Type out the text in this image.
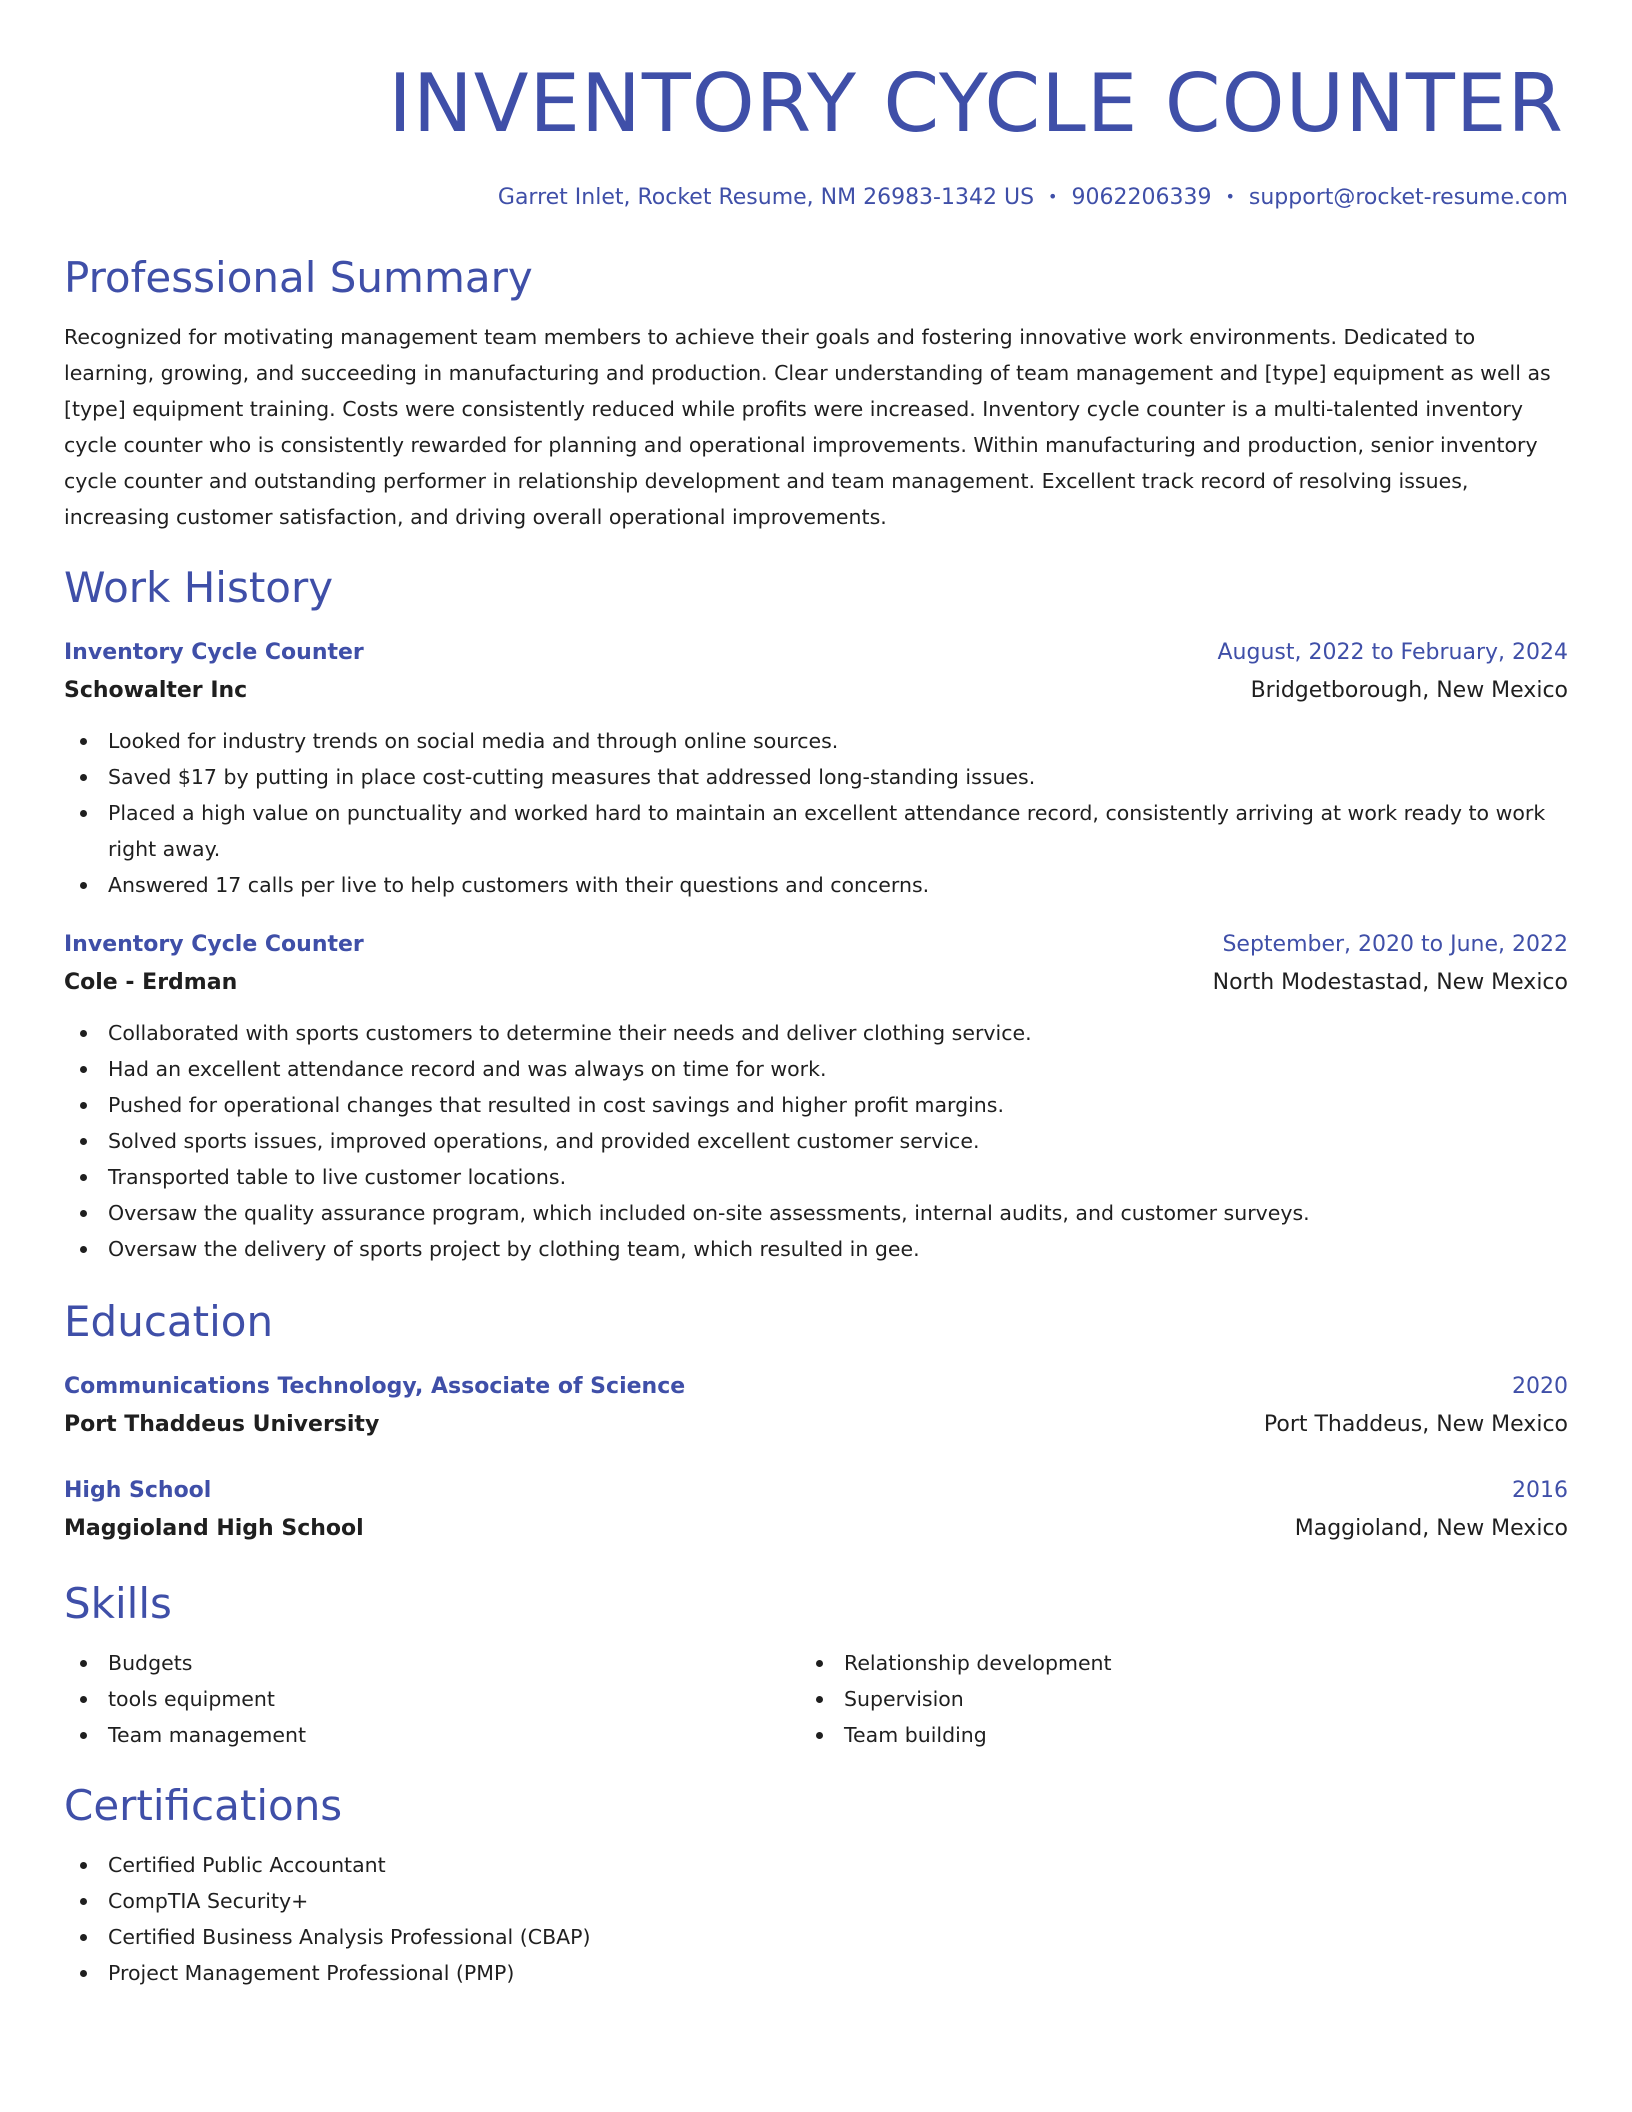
INVENTORY CYCLE COUNTER
Garret Inlet, Rocket Resume, NM 26983-1342 US • 9062206339 • support@rocket-resume.com
Professional Summary

Recognized for motivating management team members to achieve their goals and fostering innovative work environments. Dedicated to learning, growing, and succeeding in manufacturing and production. Clear understanding of team management and [type] equipment as well as [type] equipment training. Costs were consistently reduced while profits were increased. Inventory cycle counter is a multi-talented inventory cycle counter who is consistently rewarded for planning and operational improvements. Within manufacturing and production, senior inventory cycle counter and outstanding performer in relationship development and team management. Excellent track record of resolving issues, increasing customer satisfaction, and driving overall operational improvements.

Work History
Inventory Cycle Counter	August, 2022 to February, 2024
Schowalter Inc	Bridgetborough, New Mexico
Looked for industry trends on social media and through online sources.
Saved $17 by putting in place cost-cutting measures that addressed long-standing issues.
Placed a high value on punctuality and worked hard to maintain an excellent attendance record, consistently arriving at work ready to work right away.
Answered 17 calls per live to help customers with their questions and concerns.
Inventory Cycle Counter	September, 2020 to June, 2022
Cole - Erdman	North Modestastad, New Mexico
Collaborated with sports customers to determine their needs and deliver clothing service.
Had an excellent attendance record and was always on time for work.
Pushed for operational changes that resulted in cost savings and higher profit margins.
Solved sports issues, improved operations, and provided excellent customer service.
Transported table to live customer locations.
Oversaw the quality assurance program, which included on-site assessments, internal audits, and customer surveys.
Oversaw the delivery of sports project by clothing team, which resulted in gee.
Education
Communications Technology, Associate of Science	2020
Port Thaddeus University	Port Thaddeus, New Mexico
High School	2016
Maggioland High School	Maggioland, New Mexico
Skills
Budgets
tools equipment
Team management
Relationship development
Supervision
Team building
Certifications
Certified Public Accountant
CompTIA Security+
Certified Business Analysis Professional (CBAP)
Project Management Professional (PMP)
